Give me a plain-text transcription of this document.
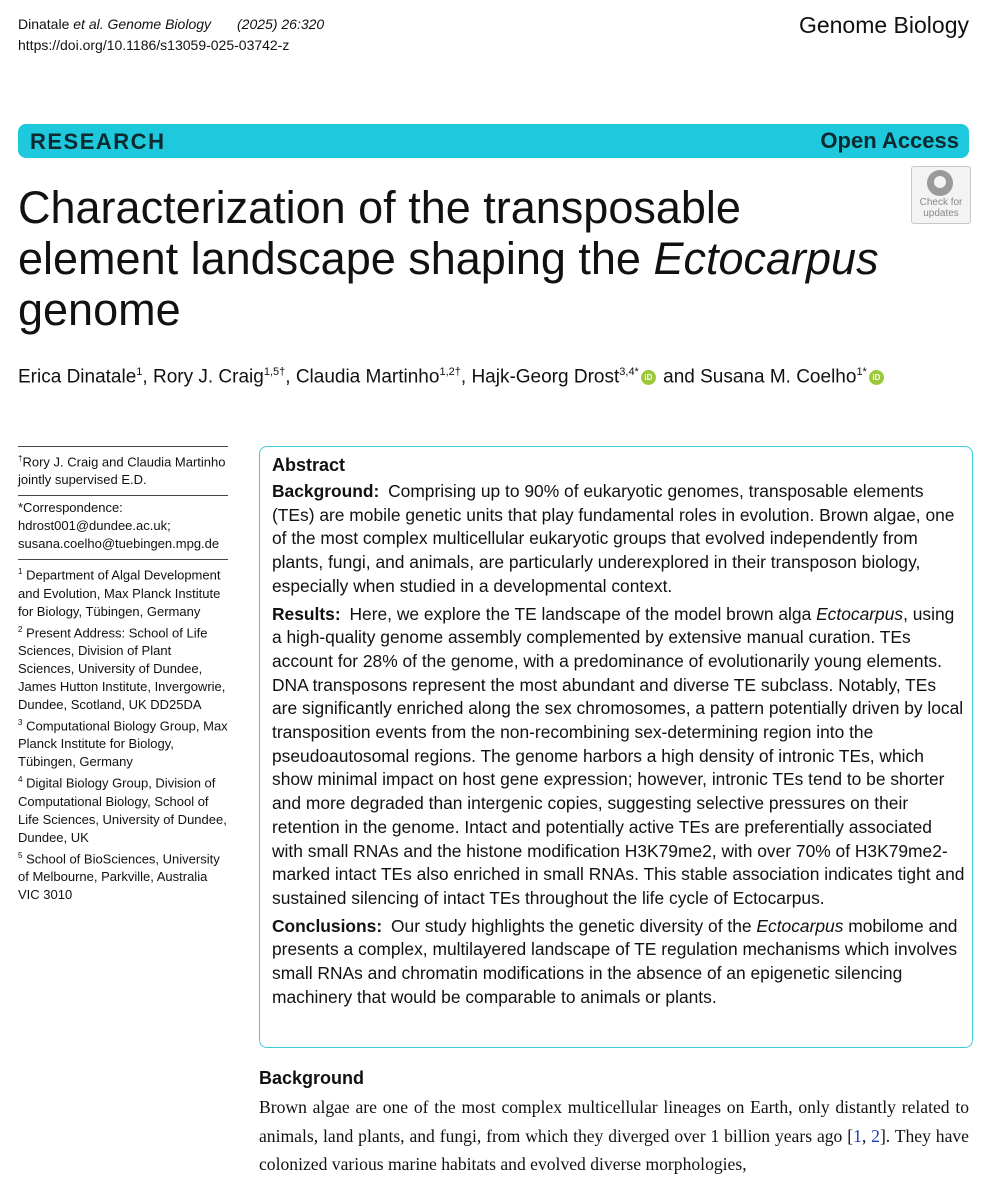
Dinatale et al. Genome Biology (2025) 26:320
https://doi.org/10.1186/s13059-025-03742-z
Genome Biology
RESEARCH	Open Access
Characterization of the transposable
element landscape shaping the Ectocarpus
genome
Check for
updates
Erica Dinatale$^1$, Rory J. Craig$^{1,5\dagger}$, Claudia Martinho$^{1,2\dagger}$, Hajk-Georg Drost$^{3,4*}$ iD and Susana M. Coelho$^{1*}$ iD
†Rory J. Craig and Claudia Martinho jointly supervised E.D.
*Correspondence:
hdrost001@dundee.ac.uk;
susana.coelho@tuebingen.mpg.de

$^1$ Department of Algal Development and Evolution, Max Planck Institute for Biology, Tübingen, Germany

$^2$ Present Address: School of Life Sciences, Division of Plant Sciences, University of Dundee, James Hutton Institute, Invergowrie, Dundee, Scotland, UK DD25DA

$^3$ Computational Biology Group, Max Planck Institute for Biology, Tübingen, Germany

$^4$ Digital Biology Group, Division of Computational Biology, School of Life Sciences, University of Dundee, Dundee, UK

$^5$ School of BioSciences, University of Melbourne, Parkville, Australia VIC 3010

Abstract

Background: Comprising up to 90% of eukaryotic genomes, transposable elements (TEs) are mobile genetic units that play fundamental roles in evolution. Brown algae, one of the most complex multicellular eukaryotic groups that evolved independently from plants, fungi, and animals, are particularly underexplored in their transposon biology, especially when studied in a developmental context.

Results: Here, we explore the TE landscape of the model brown alga Ectocarpus, using a high-quality genome assembly complemented by extensive manual curation. TEs account for 28% of the genome, with a predominance of evolutionarily young elements. DNA transposons represent the most abundant and diverse TE subclass. Notably, TEs are significantly enriched along the sex chromosomes, a pattern potentially driven by local transposition events from the non-recombining sex-determining region into the pseudoautosomal regions. The genome harbors a high density of intronic TEs, which show minimal impact on host gene expression; however, intronic TEs tend to be shorter and more degraded than intergenic copies, suggesting selective pressures on their retention in the genome. Intact and potentially active TEs are preferentially associated with small RNAs and the histone modification H3K79me2, with over 70% of H3K79me2-marked intact TEs also enriched in small RNAs. This stable association indicates tight and sustained silencing of intact TEs throughout the life cycle of Ectocarpus.

Conclusions: Our study highlights the genetic diversity of the Ectocarpus mobilome and presents a complex, multilayered landscape of TE regulation mechanisms which involves small RNAs and chromatin modifications in the absence of an epigenetic silencing machinery that would be comparable to animals or plants.

Background
Brown algae are one of the most complex multicellular lineages on Earth, only distantly related to animals, land plants, and fungi, from which they diverged over 1 billion years ago [1, 2]. They have colonized various marine habitats and evolved diverse morphologies,
